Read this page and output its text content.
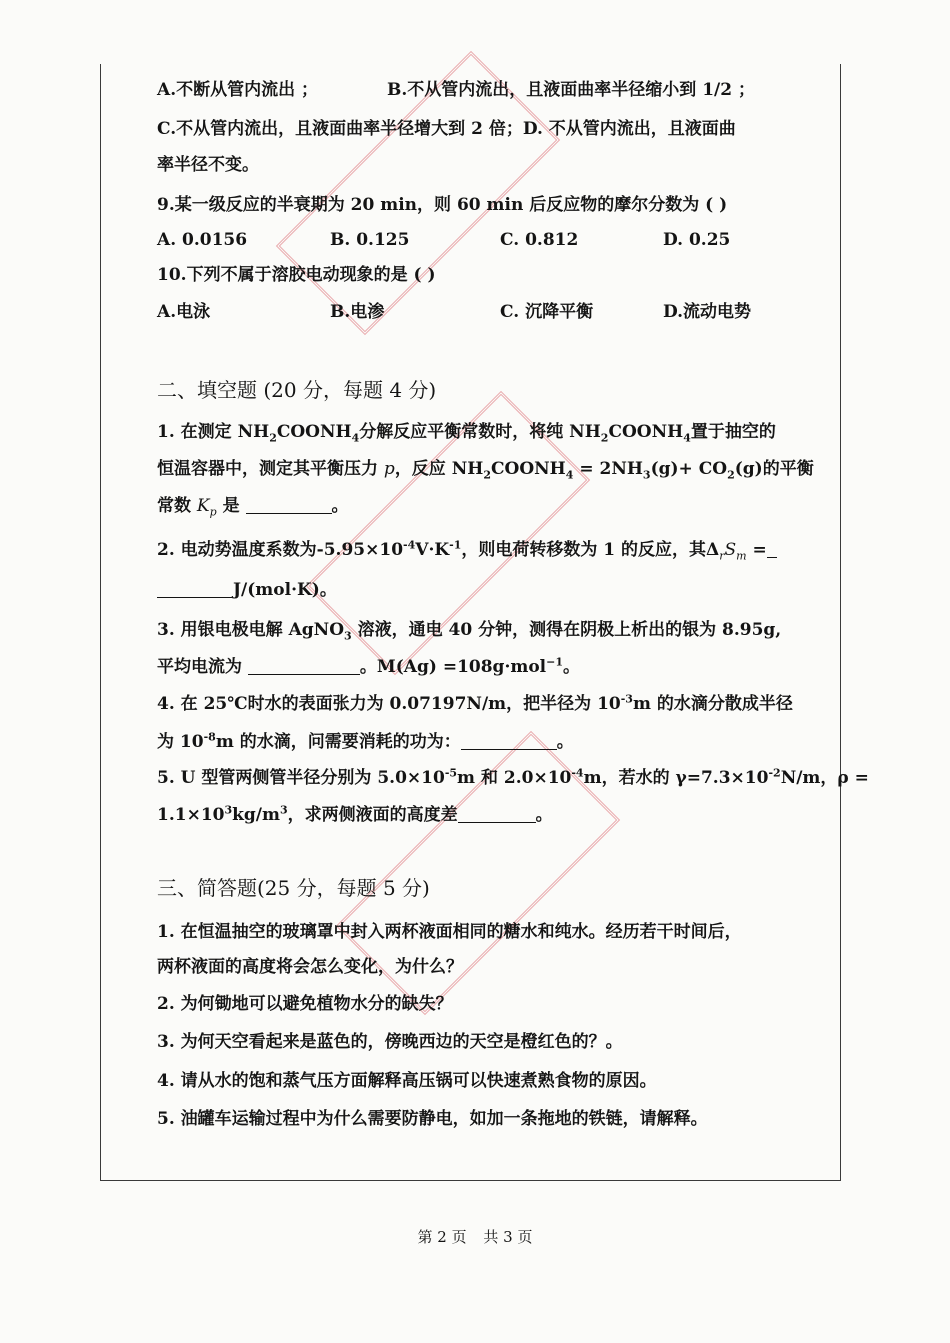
A.不断从管内流出 ；	B.不从管内流出，且液面曲率半径缩小到 1/2 ；
C.不从管内流出，且液面曲率半径增大到 2 倍；D. 不从管内流出，且液面曲
率半径不变。
9.某一级反应的半衰期为 20 min，则 60 min 后反应物的摩尔分数为 ( )
A. 0.0156	B. 0.125	C. 0.812	D. 0.25
10.下列不属于溶胶电动现象的是 ( )
A.电泳	B.电渗	C. 沉降平衡	D.流动电势
二、填空题 (20 分，每题 4 分)
1. 在测定 $NH_2COONH_4$分解反应平衡常数时，将纯 $NH_2COONH_4$置于抽空的
恒温容器中，测定其平衡压力 p，反应 $NH_2COONH_4 = 2NH_3(g)+ CO_2(g)$的平衡
常数 $K_p$ 是	。
2. 电动势温度系数为$-5.95\times 10^{-4}V\cdot K^{-1}$，则电荷转移数为 1 的反应，其$\Delta_rS_m$ =
J/(mol·K)。
3. 用银电极电解 AgNO$_3$ 溶液，通电 40 分钟，测得在阴极上析出的银为 8.95g,
平均电流为	。M(Ag) =108g·mol$^{-1}$。
4. 在 25℃时水的表面张力为 0.07197N/m，把半径为 $10^{-3}m$ 的水滴分散成半径
为 $10^{-8}m$ 的水滴，问需要消耗的功为：	。
5. U 型管两侧管半径分别为 $5.0\times 10^{-5}m$ 和 $2.0\times 10^{-4}m$，若水的 $\gamma=7.3\times 10^{-2}N/m$，ρ =
$1.1\times 10^3kg/m^3$，求两侧液面的高度差	。
三、简答题(25 分，每题 5 分)
1. 在恒温抽空的玻璃罩中封入两杯液面相同的糖水和纯水。经历若干时间后，
两杯液面的高度将会怎么变化，为什么？
2. 为何锄地可以避免植物水分的缺失？
3. 为何天空看起来是蓝色的，傍晚西边的天空是橙红色的？。
4. 请从水的饱和蒸气压方面解释高压锅可以快速煮熟食物的原因。
5. 油罐车运输过程中为什么需要防静电，如加一条拖地的铁链，请解释。
第 2 页 共 3 页
